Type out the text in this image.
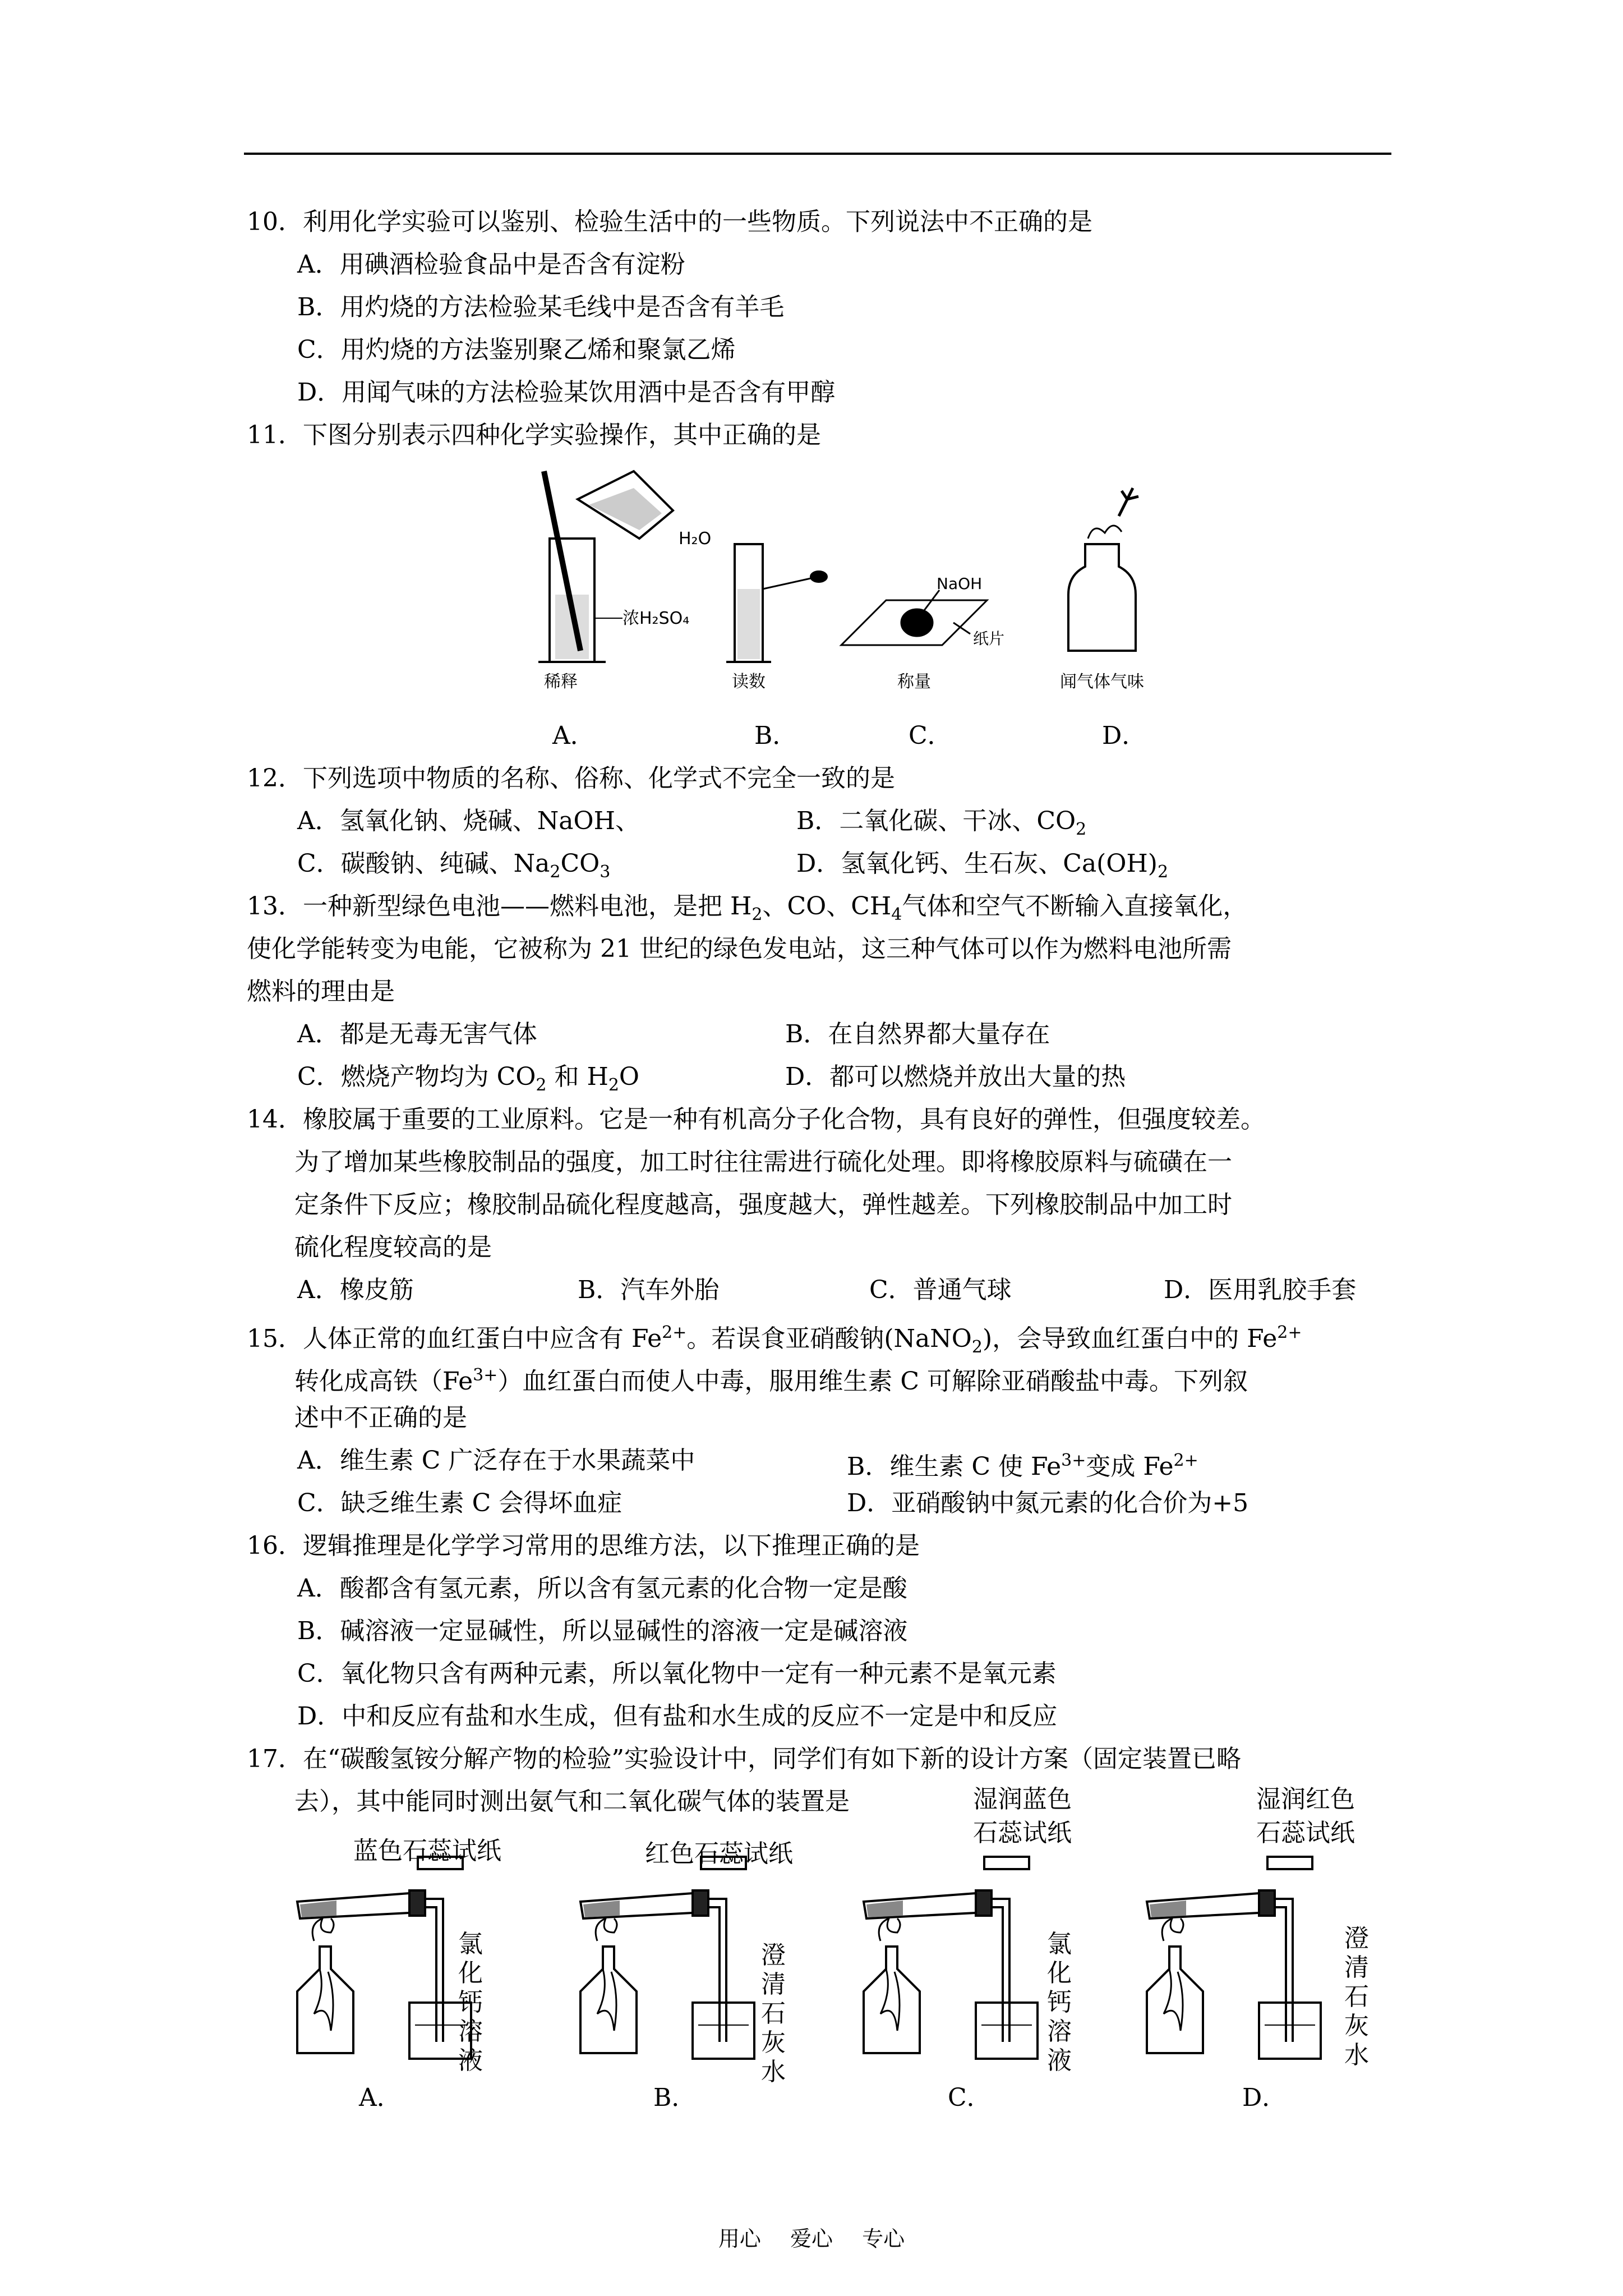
10．利用化学实验可以鉴别、检验生活中的一些物质。下列说法中不正确的是
A．用碘酒检验食品中是否含有淀粉
B．用灼烧的方法检验某毛线中是否含有羊毛
C．用灼烧的方法鉴别聚乙烯和聚氯乙烯
D．用闻气味的方法检验某饮用酒中是否含有甲醇
11．下图分别表示四种化学实验操作，其中正确的是
H₂O
浓H₂SO₄
稀释	读数
NaOH
纸片
称量	闻气体气味
A．	B．	C．	D．
12．下列选项中物质的名称、俗称、化学式不完全一致的是
A．氢氧化钠、烧碱、NaOH、	B．二氧化碳、干冰、$CO_2$
C．碳酸钠、纯碱、$Na_2CO_3$	D．氢氧化钙、生石灰、$Ca(OH)_2$
13．一种新型绿色电池——燃料电池，是把 $H_2$、CO、$CH_4$气体和空气不断输入直接氧化，
使化学能转变为电能，它被称为 21 世纪的绿色发电站，这三种气体可以作为燃料电池所需
燃料的理由是
A．都是无毒无害气体	B．在自然界都大量存在
C．燃烧产物均为 $CO_2$ 和 $H_2O$	D．都可以燃烧并放出大量的热
14．橡胶属于重要的工业原料。它是一种有机高分子化合物，具有良好的弹性，但强度较差。
为了增加某些橡胶制品的强度，加工时往往需进行硫化处理。即将橡胶原料与硫磺在一
定条件下反应；橡胶制品硫化程度越高，强度越大，弹性越差。下列橡胶制品中加工时
硫化程度较高的是
A．橡皮筋	B．汽车外胎	C．普通气球	D．医用乳胶手套
15．人体正常的血红蛋白中应含有 $Fe^{2+}$。若误食亚硝酸钠(NaNO$_2$)，会导致血红蛋白中的 $Fe^{2+}$
转化成高铁$(Fe^{3+})$血红蛋白而使人中毒，服用维生素 C 可解除亚硝酸盐中毒。下列叙
述中不正确的是
A．维生素 C 广泛存在于水果蔬菜中	B．维生素 C 使 $Fe^{3+}$变成 $Fe^{2+}$
C．缺乏维生素 C 会得坏血症	D．亚硝酸钠中氮元素的化合价为+5
16．逻辑推理是化学学习常用的思维方法，以下推理正确的是
A．酸都含有氢元素，所以含有氢元素的化合物一定是酸
B．碱溶液一定显碱性，所以显碱性的溶液一定是碱溶液
C．氧化物只含有两种元素，所以氧化物中一定有一种元素不是氧元素
D．中和反应有盐和水生成，但有盐和水生成的反应不一定是中和反应
17．在“碳酸氢铵分解产物的检验”实验设计中，同学们有如下新的设计方案（固定装置已略
去），其中能同时测出氨气和二氧化碳气体的装置是
蓝色石蕊试纸
氯化钙溶液
红色石蕊试纸
澄清石灰水
湿润蓝色
石蕊试纸
氯化钙溶液
湿润红色
石蕊试纸
澄清石灰水
A．	B．	C．	D．
用心 爱心 专心
